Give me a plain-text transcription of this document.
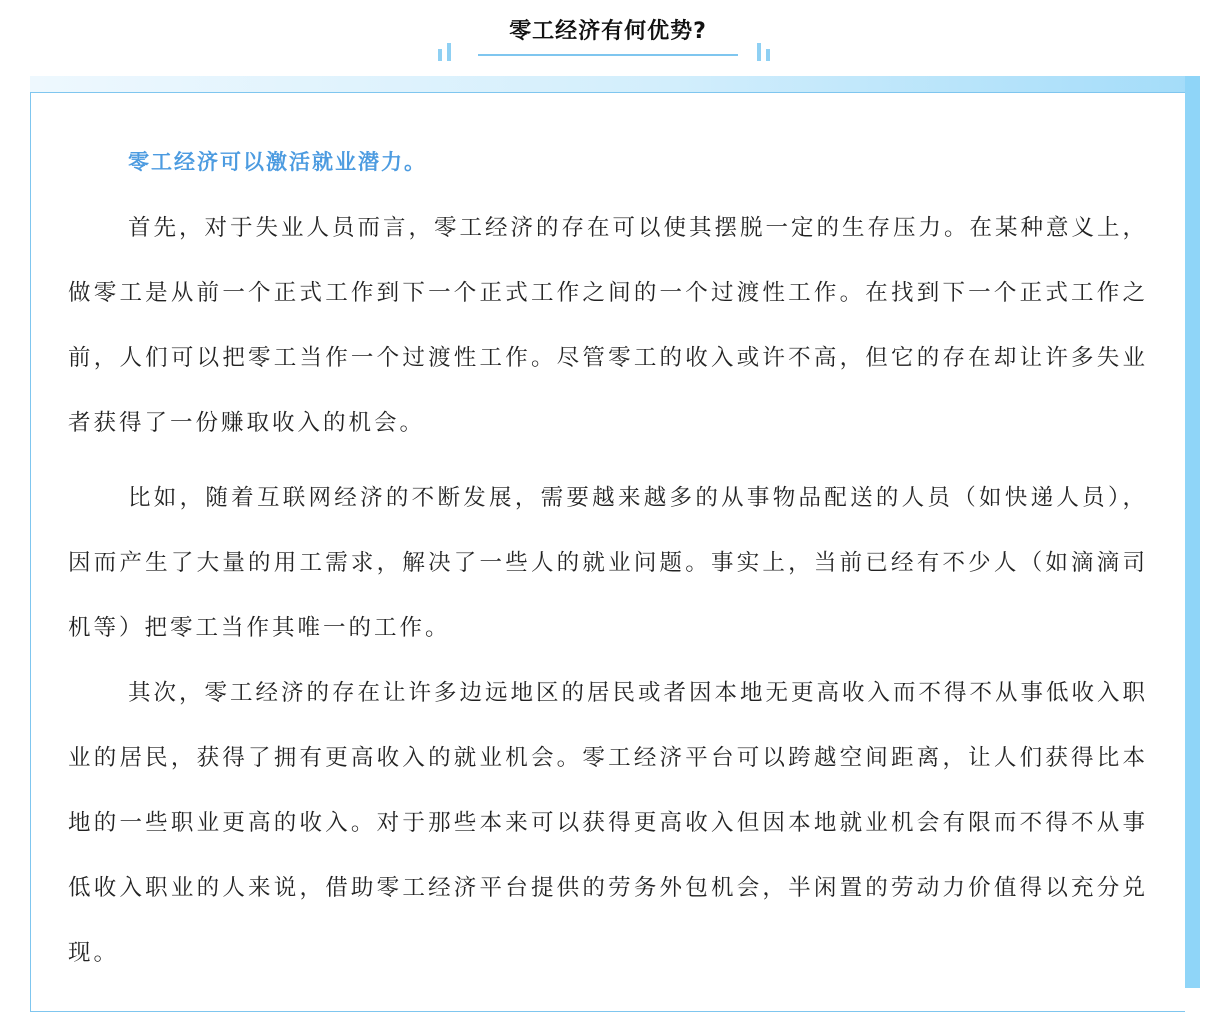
零工经济有何优势?
零工经济可以激活就业潜力。

首先，对于失业人员而言，零工经济的存在可以使其摆脱一定的生存压力。在某种意义上，做零工是从前一个正式工作到下一个正式工作之间的一个过渡性工作。在找到下一个正式工作之前，人们可以把零工当作一个过渡性工作。尽管零工的收入或许不高，但它的存在却让许多失业者获得了一份赚取收入的机会。

比如，随着互联网经济的不断发展，需要越来越多的从事物品配送的人员（如快递人员），因而产生了大量的用工需求，解决了一些人的就业问题。事实上，当前已经有不少人（如滴滴司机等）把零工当作其唯一的工作。

其次，零工经济的存在让许多边远地区的居民或者因本地无更高收入而不得不从事低收入职业的居民，获得了拥有更高收入的就业机会。零工经济平台可以跨越空间距离，让人们获得比本地的一些职业更高的收入。对于那些本来可以获得更高收入但因本地就业机会有限而不得不从事低收入职业的人来说，借助零工经济平台提供的劳务外包机会，半闲置的劳动力价值得以充分兑现。
